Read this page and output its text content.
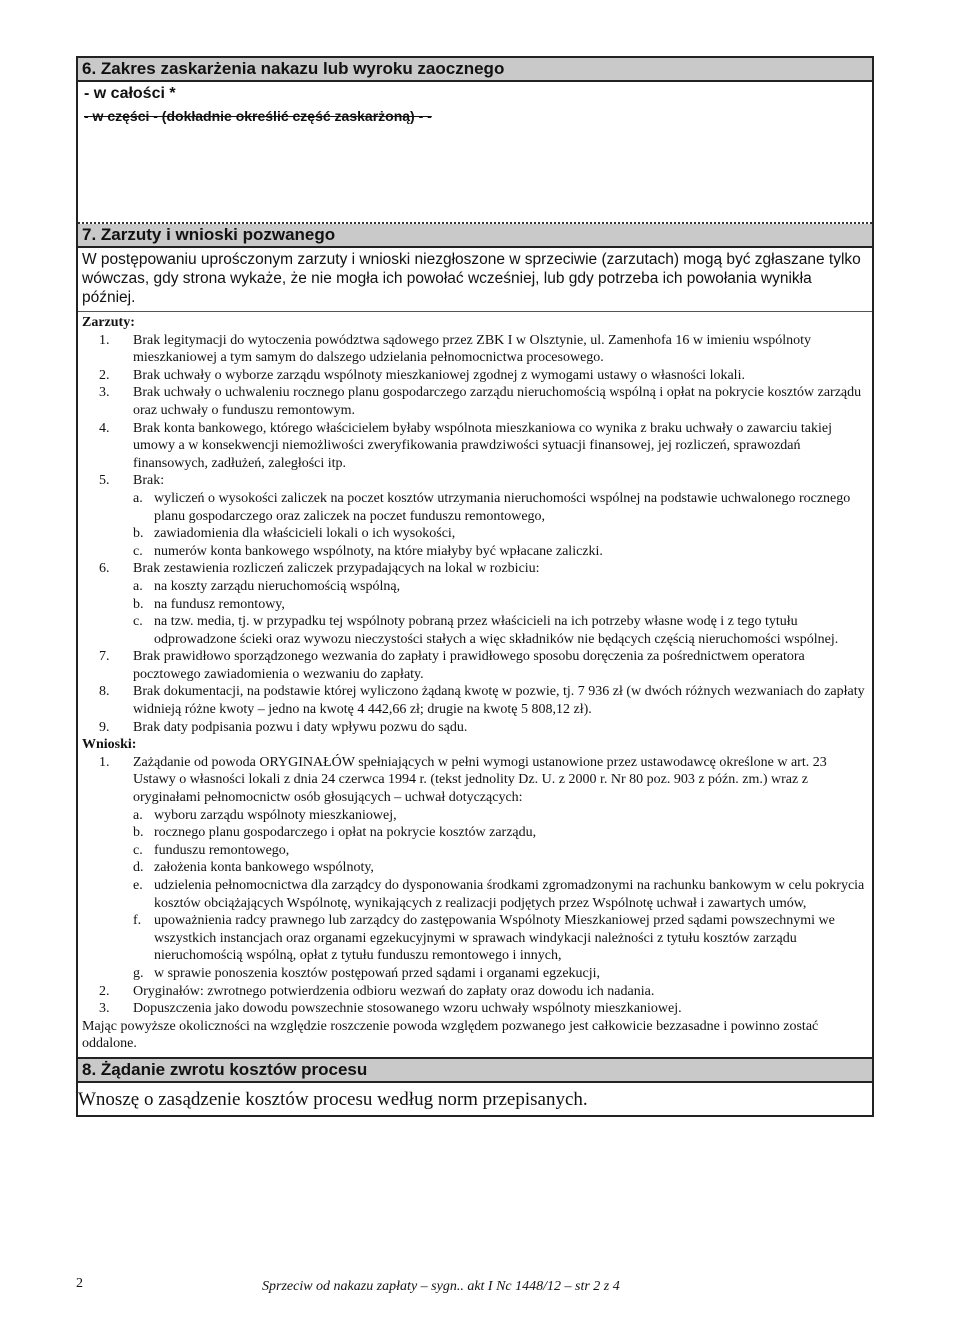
6. Zakres zaskarżenia nakazu lub wyroku zaocznego
- w całości *
- w części - (dokładnie określić część zaskarżoną) - -
7. Zarzuty i wnioski pozwanego
W postępowaniu uprośczonym zarzuty i wnioski niezgłoszone w sprzeciwie (zarzutach) mogą być zgłaszane tylko wówczas, gdy strona wykaże, że nie mogła ich powołać wcześniej, lub gdy potrzeba ich powołania wynikła później.
Zarzuty:
1. Brak legitymacji do wytoczenia powództwa sądowego przez ZBK I w Olsztynie, ul. Zamenhofa 16 w imieniu wspólnoty mieszkaniowej a tym samym do dalszego udzielania pełnomocnictwa procesowego.
2. Brak uchwały o wyborze zarządu wspólnoty mieszkaniowej zgodnej z wymogami ustawy o własności lokali.
3. Brak uchwały o uchwaleniu rocznego planu gospodarczego zarządu nieruchomością wspólną i opłat na pokrycie kosztów zarządu oraz uchwały o funduszu remontowym.
4. Brak konta bankowego, którego właścicielem byłaby wspólnota mieszkaniowa co wynika z braku uchwały o zawarciu takiej umowy a w konsekwencji niemożliwości zweryfikowania prawdziwości sytuacji finansowej, jej rozliczeń, sprawozdań finansowych, zadłużeń, zaległości itp.
5. Brak:
a. wyliczeń o wysokości zaliczek na poczet kosztów utrzymania nieruchomości wspólnej na podstawie uchwalonego rocznego planu gospodarczego oraz zaliczek na poczet funduszu remontowego,
b. zawiadomienia dla właścicieli lokali o ich wysokości,
c. numerów konta bankowego wspólnoty, na które miałyby być wpłacane zaliczki.
6. Brak zestawienia rozliczeń zaliczek przypadających na lokal w rozbiciu:
a. na koszty zarządu nieruchomością wspólną,
b. na fundusz remontowy,
c. na tzw. media, tj. w przypadku tej wspólnoty pobraną przez właścicieli na ich potrzeby własne wodę i z tego tytułu odprowadzone ścieki oraz wywozu nieczystości stałych a więc składników nie będących częścią nieruchomości wspólnej.
7. Brak prawidłowo sporządzonego wezwania do zapłaty i prawidłowego sposobu doręczenia za pośrednictwem operatora pocztowego zawiadomienia o wezwaniu do zapłaty.
8. Brak dokumentacji, na podstawie której wyliczono żądaną kwotę w pozwie, tj. 7 936 zł (w dwóch różnych wezwaniach do zapłaty widnieją różne kwoty – jedno na kwotę 4 442,66 zł; drugie na kwotę 5 808,12 zł).
9. Brak daty podpisania pozwu i daty wpływu pozwu do sądu.
Wnioski:
1. Zażądanie od powoda ORYGINAŁÓW spełniających w pełni wymogi ustanowione przez ustawodawcę określone w art. 23 Ustawy o własności lokali z dnia 24 czerwca 1994 r. (tekst jednolity Dz. U. z 2000 r. Nr 80 poz. 903 z późn. zm.) wraz z oryginałami pełnomocnictw osób głosujących – uchwał dotyczących:
a. wyboru zarządu wspólnoty mieszkaniowej,
b. rocznego planu gospodarczego i opłat na pokrycie kosztów zarządu,
c. funduszu remontowego,
d. założenia konta bankowego wspólnoty,
e. udzielenia pełnomocnictwa dla zarządcy do dysponowania środkami zgromadzonymi na rachunku bankowym w celu pokrycia kosztów obciążających Wspólnotę, wynikających z realizacji podjętych przez Wspólnotę uchwał i zawartych umów,
f. upoważnienia radcy prawnego lub zarządcy do zastępowania Wspólnoty Mieszkaniowej przed sądami powszechnymi we wszystkich instancjach oraz organami egzekucyjnymi w sprawach windykacji należności z tytułu kosztów zarządu nieruchomością wspólną, opłat z tytułu funduszu remontowego i innych,
g. w sprawie ponoszenia kosztów postępowań przed sądami i organami egzekucji,
2. Oryginałów: zwrotnego potwierdzenia odbioru wezwań do zapłaty oraz dowodu ich nadania.
3. Dopuszczenia jako dowodu powszechnie stosowanego wzoru uchwały wspólnoty mieszkaniowej.
Mając powyższe okoliczności na względzie roszczenie powoda względem pozwanego jest całkowicie bezzasadne i powinno zostać oddalone.
8. Żądanie zwrotu kosztów procesu
Wnoszę o zasądzenie kosztów procesu według norm przepisanych.
2	Sprzeciw od nakazu zapłaty – sygn.. akt I Nc 1448/12 – str 2 z 4
